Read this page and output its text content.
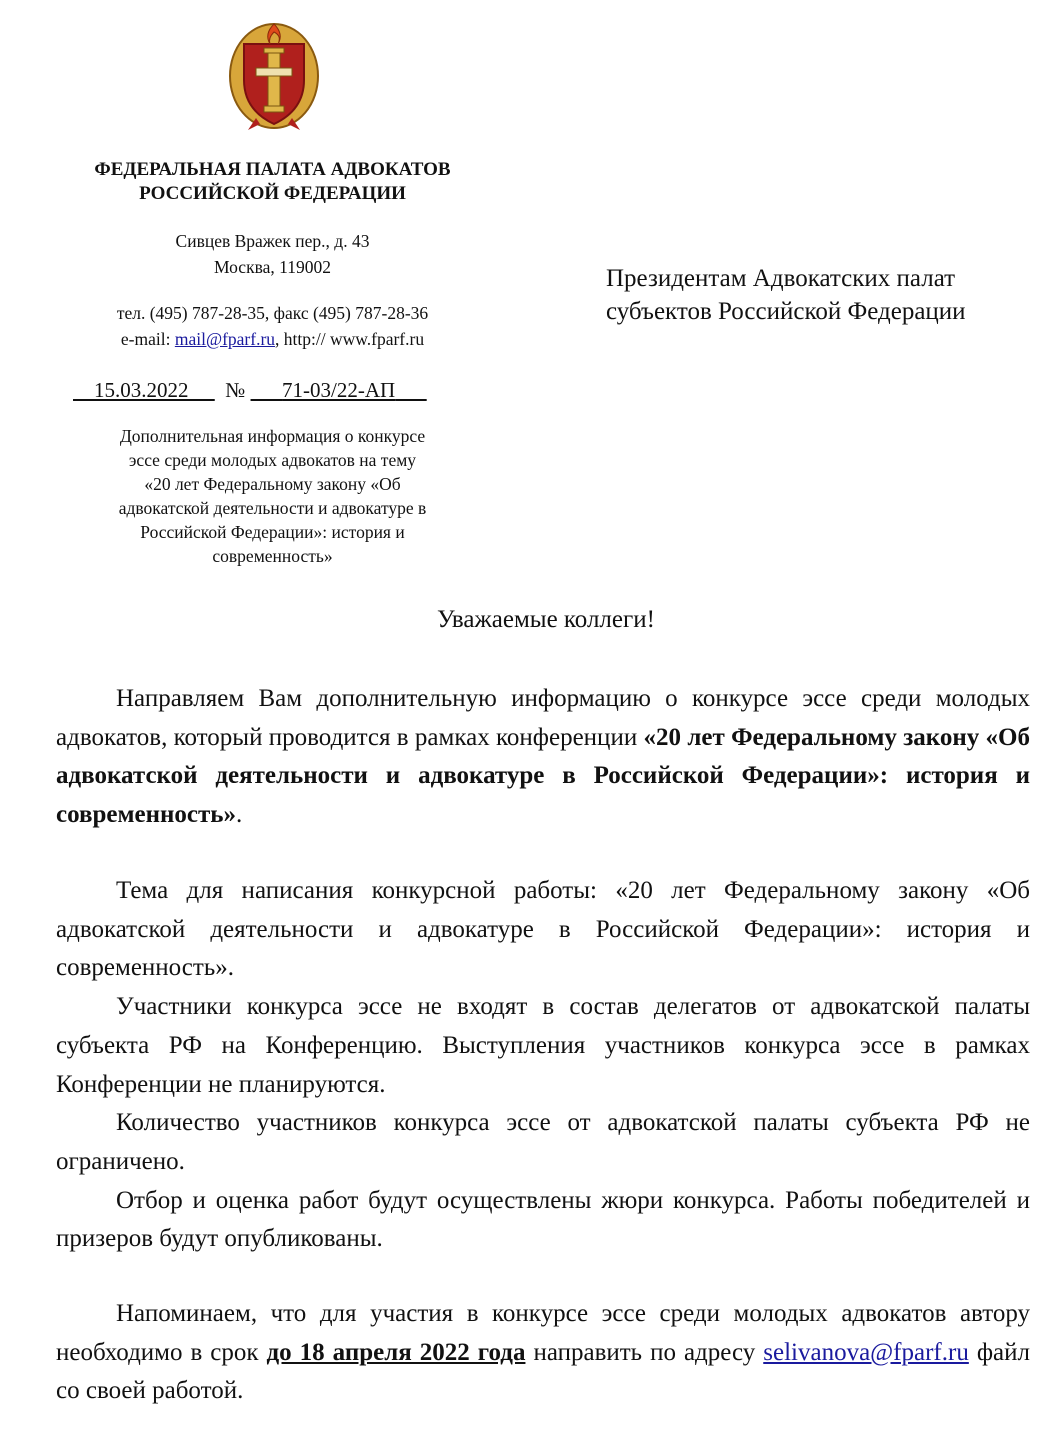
ФЕДЕРАЛЬНАЯ ПАЛАТА АДВОКАТОВ
РОССИЙСКОЙ ФЕДЕРАЦИИ
Сивцев Вражек пер., д. 43
Москва, 119002
тел. (495) 787-28-35, факс (495) 787-28-36
e-mail: mail@fparf.ru, http:// www.fparf.ru
15.03.2022 № 71-03/22-АП
Дополнительная информация о конкурсе
эссе среди молодых адвокатов на тему
«20 лет Федеральному закону «Об
адвокатской деятельности и адвокатуре в
Российской Федерации»: история и
современность»
Президентам Адвокатских палат
субъектов Российской Федерации
Уважаемые коллеги!

Направляем Вам дополнительную информацию о конкурсе эссе среди молодых адвокатов, который проводится в рамках конференции «20 лет Федеральному закону «Об адвокатской деятельности и адвокатуре в Российской Федерации»: история и современность».

Тема для написания конкурсной работы: «20 лет Федеральному закону «Об адвокатской деятельности и адвокатуре в Российской Федерации»: история и современность».

Участники конкурса эссе не входят в состав делегатов от адвокатской палаты субъекта РФ на Конференцию. Выступления участников конкурса эссе в рамках Конференции не планируются.

Количество участников конкурса эссе от адвокатской палаты субъекта РФ не ограничено.

Отбор и оценка работ будут осуществлены жюри конкурса. Работы победителей и призеров будут опубликованы.

Напоминаем, что для участия в конкурсе эссе среди молодых адвокатов автору необходимо в срок до 18 апреля 2022 года направить по адресу selivanova@fparf.ru файл со своей работой.
